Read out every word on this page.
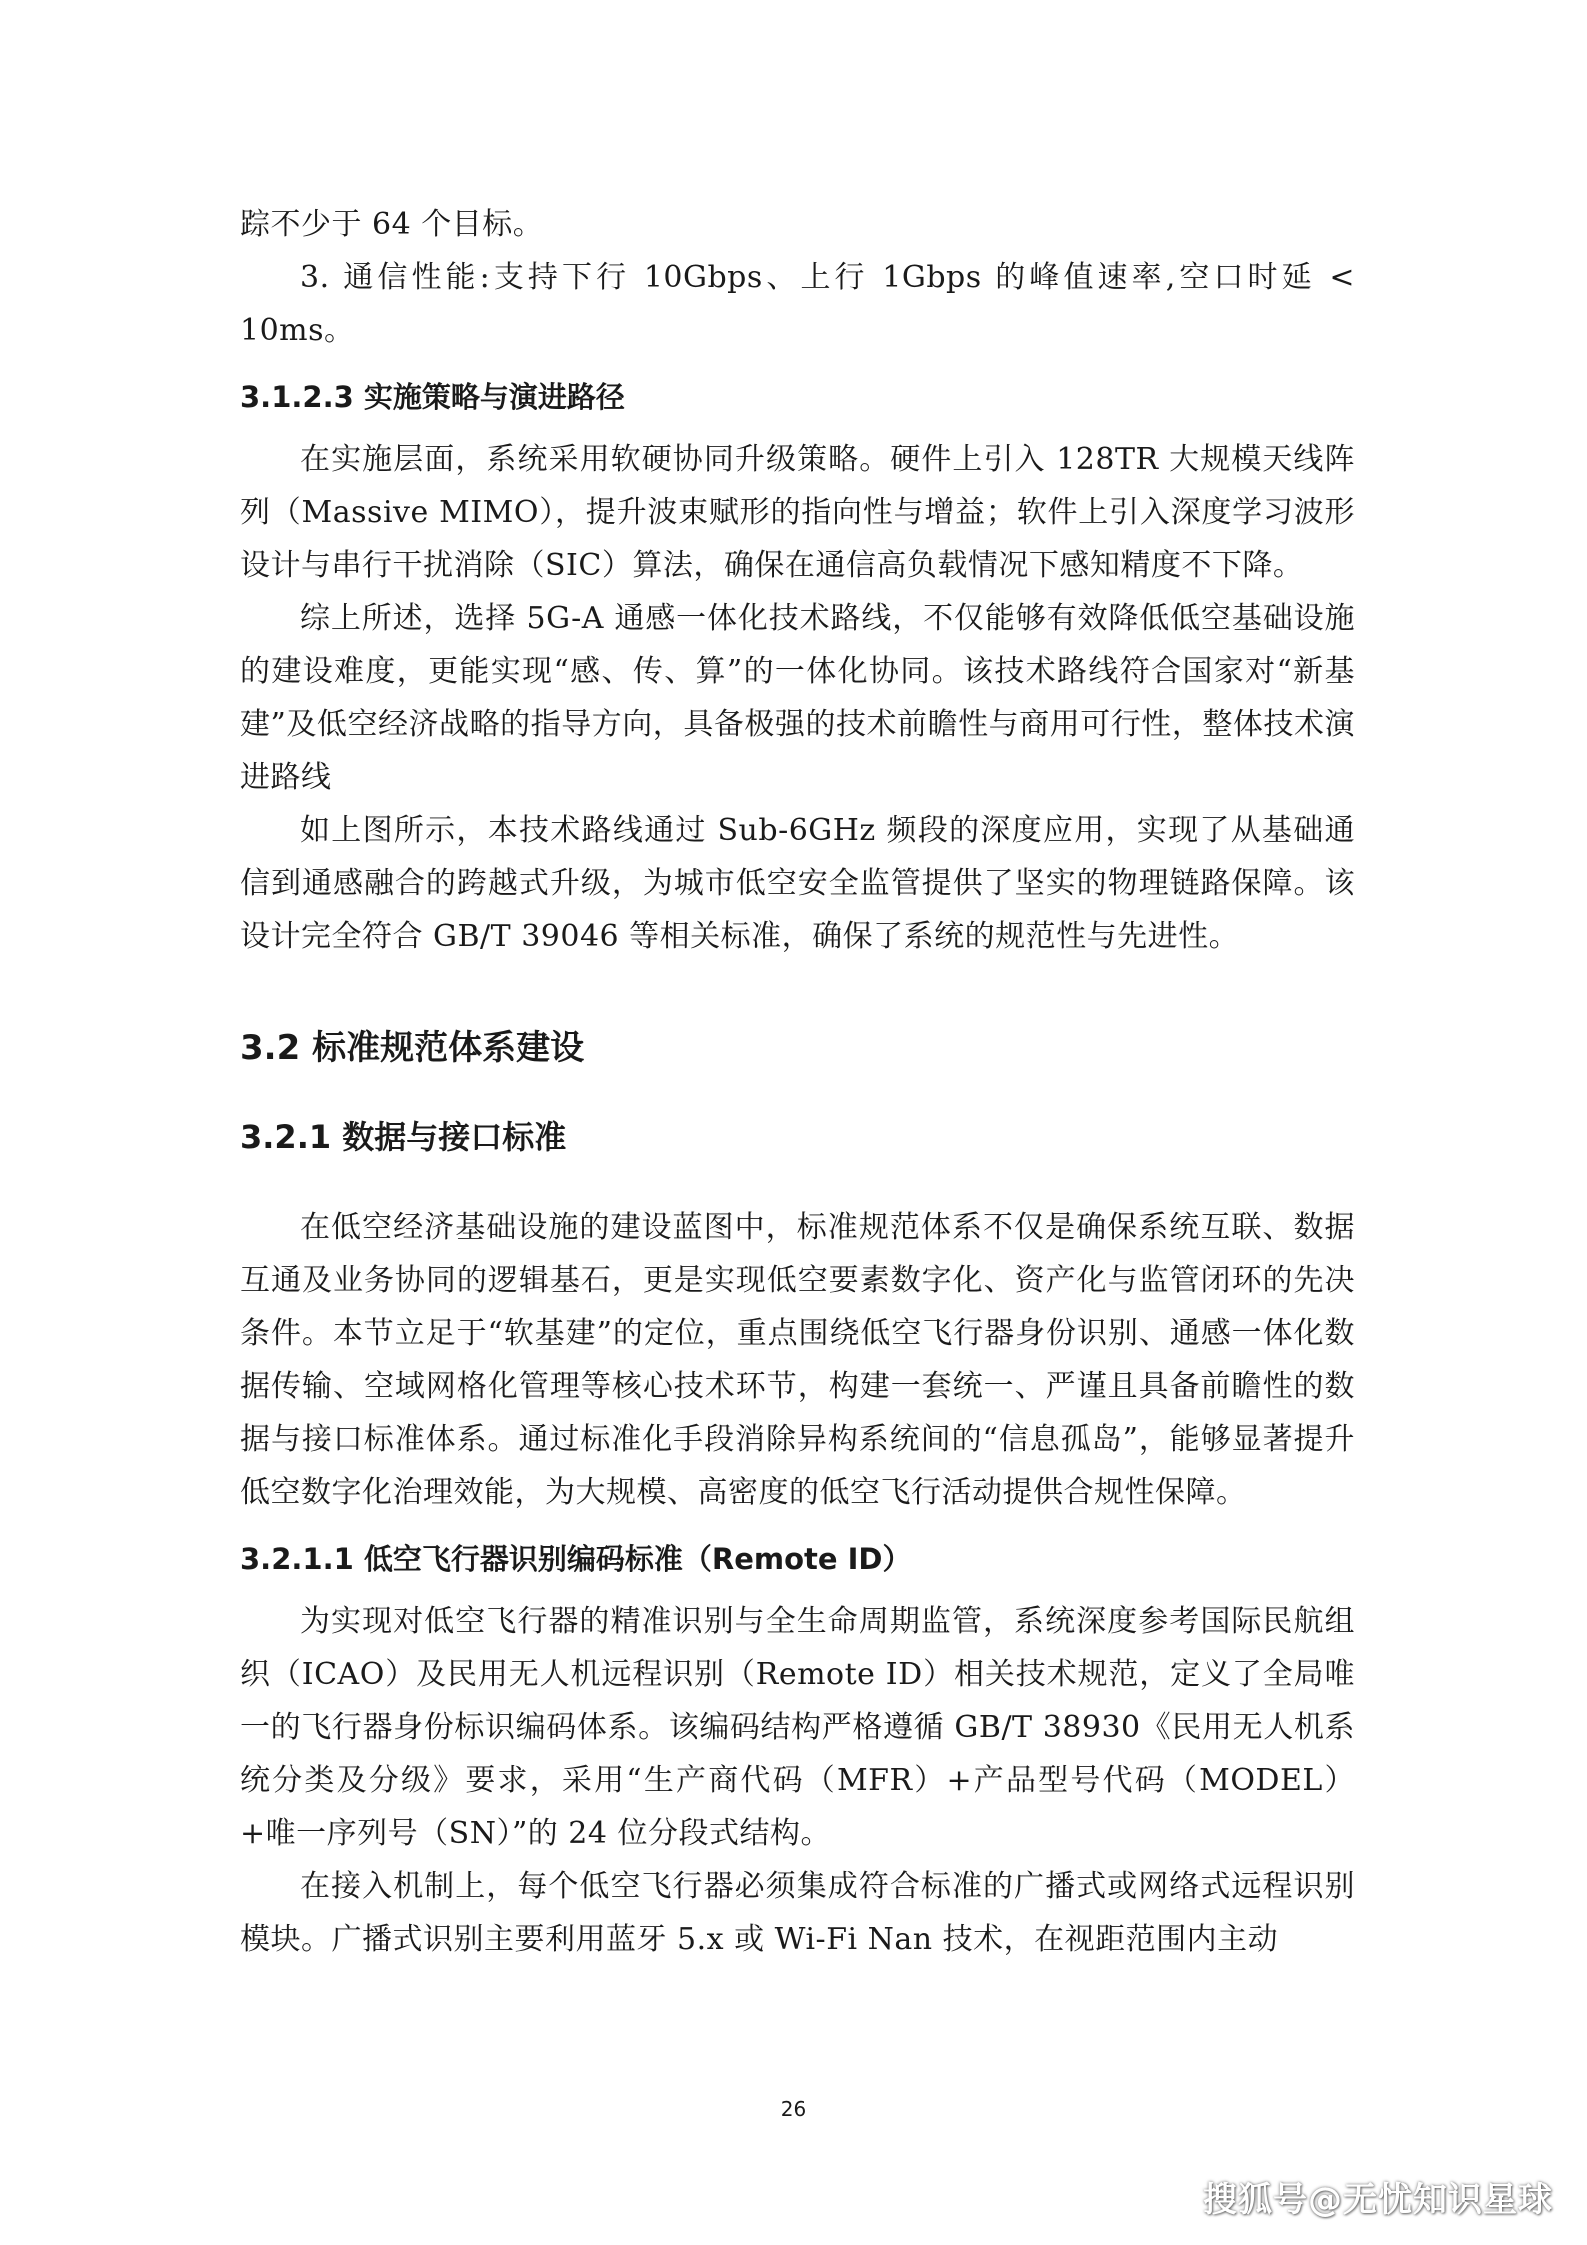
踪不少于 64 个目标。

3. 通信性能:支持下行 10Gbps、上行 1Gbps 的峰值速率,空口时延 < 10ms。

3.1.2.3 实施策略与演进路径

在实施层面，系统采用软硬协同升级策略。硬件上引入 128TR 大规模天线阵列（Massive MIMO），提升波束赋形的指向性与增益；软件上引入深度学习波形设计与串行干扰消除（SIC）算法，确保在通信高负载情况下感知精度不下降。

综上所述，选择 5G-A 通感一体化技术路线，不仅能够有效降低低空基础设施的建设难度，更能实现“感、传、算”的一体化协同。该技术路线符合国家对“新基建”及低空经济战略的指导方向，具备极强的技术前瞻性与商用可行性，整体技术演进路线

如上图所示，本技术路线通过 Sub-6GHz 频段的深度应用，实现了从基础通信到通感融合的跨越式升级，为城市低空安全监管提供了坚实的物理链路保障。该设计完全符合 GB/T 39046 等相关标准，确保了系统的规范性与先进性。

3.2 标准规范体系建设
3.2.1 数据与接口标准

在低空经济基础设施的建设蓝图中，标准规范体系不仅是确保系统互联、数据互通及业务协同的逻辑基石，更是实现低空要素数字化、资产化与监管闭环的先决条件。本节立足于“软基建”的定位，重点围绕低空飞行器身份识别、通感一体化数据传输、空域网格化管理等核心技术环节，构建一套统一、严谨且具备前瞻性的数据与接口标准体系。通过标准化手段消除异构系统间的“信息孤岛”，能够显著提升低空数字化治理效能，为大规模、高密度的低空飞行活动提供合规性保障。

3.2.1.1 低空飞行器识别编码标准（Remote ID）

为实现对低空飞行器的精准识别与全生命周期监管，系统深度参考国际民航组织（ICAO）及民用无人机远程识别（Remote ID）相关技术规范，定义了全局唯一的飞行器身份标识编码体系。该编码结构严格遵循 GB/T 38930《民用无人机系统分类及分级》要求，采用“生产商代码（MFR）+产品型号代码（MODEL）+唯一序列号（SN）”的 24 位分段式结构。

在接入机制上，每个低空飞行器必须集成符合标准的广播式或网络式远程识别模块。广播式识别主要利用蓝牙 5.x 或 Wi-Fi Nan 技术，在视距范围内主动

26
搜狐号@无忧知识星球
